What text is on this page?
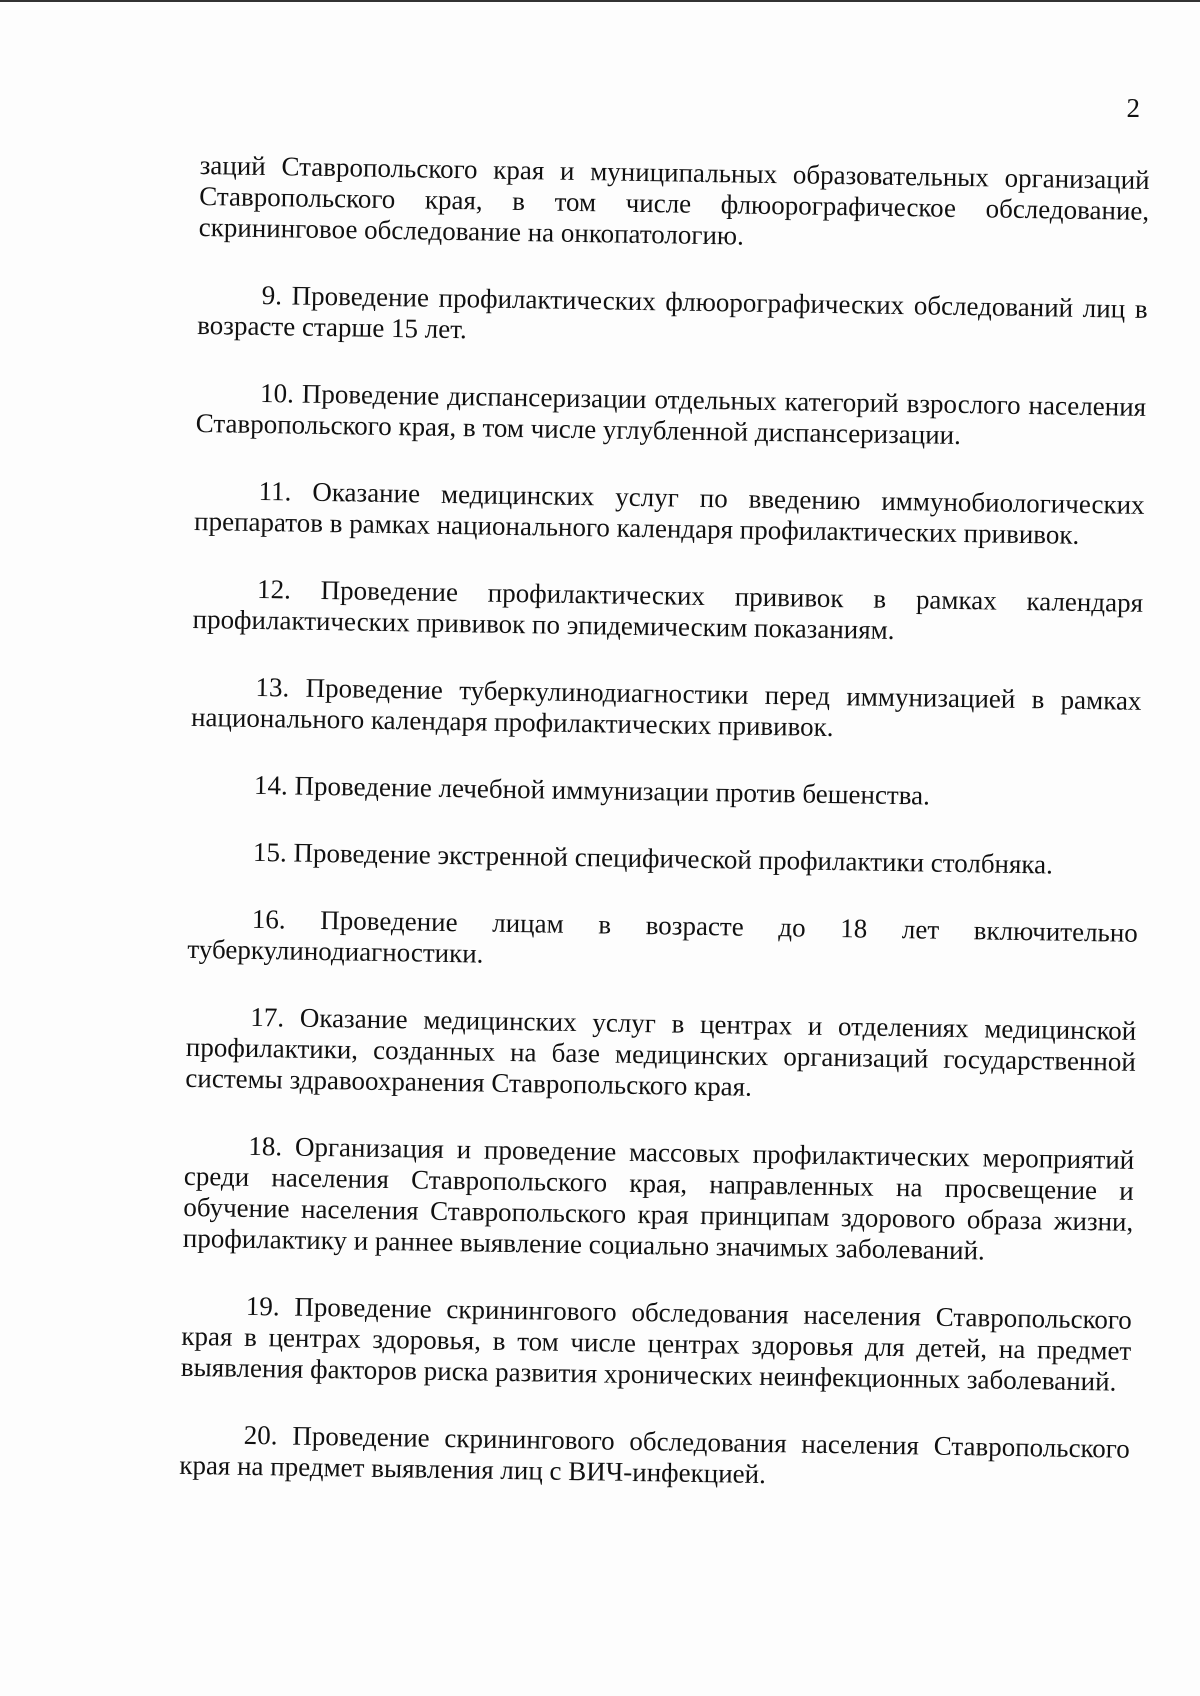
2

заций Ставропольского края и муниципальных образовательных организаций Ставропольского края, в том числе флюорографическое обследование, скрининговое обследование на онкопатологию.

9. Проведение профилактических флюорографических обследований лиц в возрасте старше 15 лет.

10. Проведение диспансеризации отдельных категорий взрослого населения Ставропольского края, в том числе углубленной диспансеризации.

11. Оказание медицинских услуг по введению иммунобиологических препаратов в рамках национального календаря профилактических прививок.

12. Проведение профилактических прививок в рамках календаря профилактических прививок по эпидемическим показаниям.

13. Проведение туберкулинодиагностики перед иммунизацией в рамках национального календаря профилактических прививок.

14. Проведение лечебной иммунизации против бешенства.

15. Проведение экстренной специфической профилактики столбняка.

16. Проведение лицам в возрасте до 18 лет включительно туберкулинодиагностики.

17. Оказание медицинских услуг в центрах и отделениях медицинской профилактики, созданных на базе медицинских организаций государственной системы здравоохранения Ставропольского края.

18. Организация и проведение массовых профилактических мероприятий среди населения Ставропольского края, направленных на просвещение и обучение населения Ставропольского края принципам здорового образа жизни, профилактику и раннее выявление социально значимых заболеваний.

19. Проведение скринингового обследования населения Ставропольского края в центрах здоровья, в том числе центрах здоровья для детей, на предмет выявления факторов риска развития хронических неинфекционных заболеваний.

20. Проведение скринингового обследования населения Ставропольского края на предмет выявления лиц с ВИЧ-инфекцией.
